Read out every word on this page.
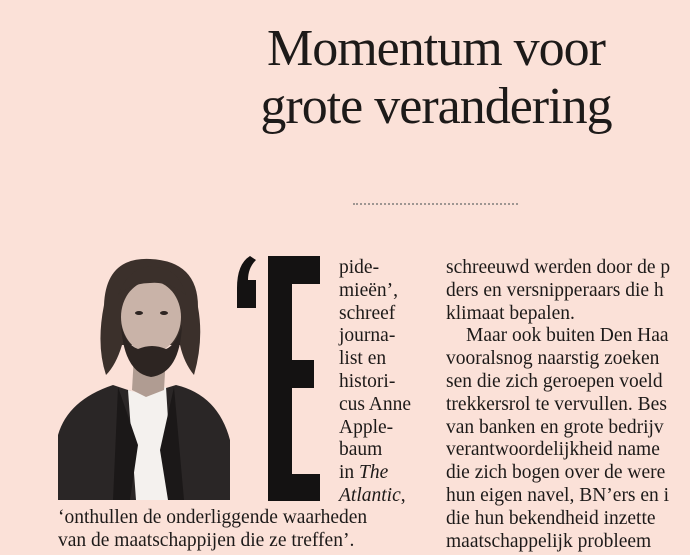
Momentum voor
grote verandering

pide-

mieën’,

schreef

journa-

list en

histori-

cus Anne

Apple-

baum

in The

Atlantic,

‘onthullen de onderliggende waarheden

van de maatschappijen die ze treffen’.

schreeuwd werden door de p

ders en versnipperaars die h

klimaat bepalen.

Maar ook buiten Den Haa

vooralsnog naarstig zoeken

sen die zich geroepen voeld

trekkersrol te vervullen. Bes

van banken en grote bedrijv

verantwoordelijkheid name

die zich bogen over de were

hun eigen navel, BN’ers en i

die hun bekendheid inzette

maatschappelijk probleem
